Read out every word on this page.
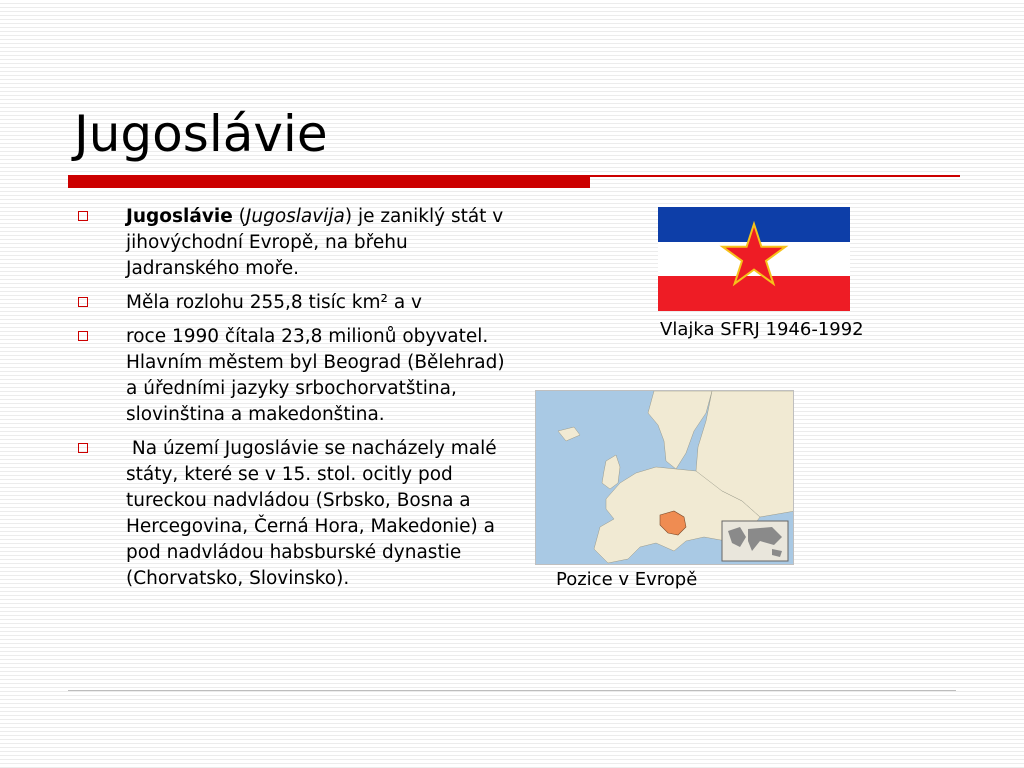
Jugoslávie
Jugoslávie (Jugoslavija) je zaniklý stát v jihovýchodní Evropě, na břehu Jadranského moře.
Měla rozlohu 255,8 tisíc km² a v
roce 1990 čítala 23,8 milionů obyvatel. Hlavním městem byl Beograd (Bělehrad) a úředními jazyky srbochorvatština, slovinština a makedonština.
Na území Jugoslávie se nacházely malé státy, které se v 15. stol. ocitly pod tureckou nadvládou (Srbsko, Bosna a Hercegovina, Černá Hora, Makedonie) a pod nadvládou habsburské dynastie (Chorvatsko, Slovinsko).
Vlajka SFRJ 1946-1992
Pozice v Evropě
